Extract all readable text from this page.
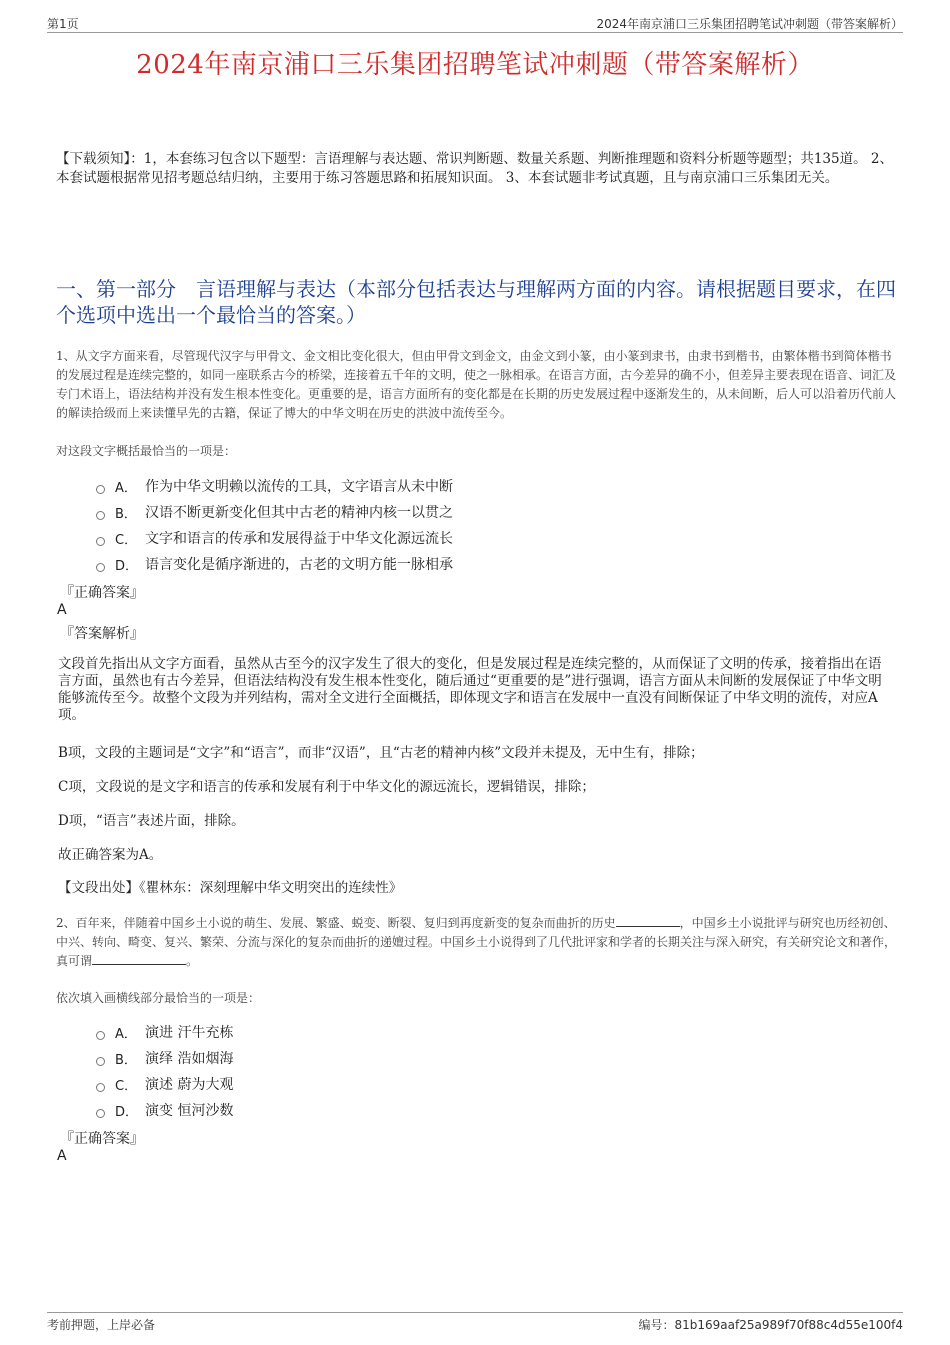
第1页	2024年南京浦口三乐集团招聘笔试冲刺题（带答案解析）
2024年南京浦口三乐集团招聘笔试冲刺题（带答案解析）
【下载须知】：1，本套练习包含以下题型：言语理解与表达题、常识判断题、数量关系题、判断推理题和资料分析题等题型；共135道。 2、本套试题根据常见招考题总结归纳，主要用于练习答题思路和拓展知识面。 3、本套试题非考试真题，且与南京浦口三乐集团无关。
一、第一部分　言语理解与表达（本部分包括表达与理解两方面的内容。请根据题目要求，在四个选项中选出一个最恰当的答案。）
1、从文字方面来看，尽管现代汉字与甲骨文、金文相比变化很大，但由甲骨文到金文，由金文到小篆，由小篆到隶书，由隶书到楷书，由繁体楷书到简体楷书的发展过程是连续完整的，如同一座联系古今的桥梁，连接着五千年的文明，使之一脉相承。在语言方面，古今差异的确不小，但差异主要表现在语音、词汇及专门术语上，语法结构并没有发生根本性变化。更重要的是，语言方面所有的变化都是在长期的历史发展过程中逐渐发生的，从未间断，后人可以沿着历代前人的解读拾级而上来读懂早先的古籍，保证了博大的中华文明在历史的洪波中流传至今。
对这段文字概括最恰当的一项是：
A． 作为中华文明赖以流传的工具，文字语言从未中断
B． 汉语不断更新变化但其中古老的精神内核一以贯之
C． 文字和语言的传承和发展得益于中华文化源远流长
D． 语言变化是循序渐进的，古老的文明方能一脉相承
『正确答案』
A
『答案解析』
文段首先指出从文字方面看，虽然从古至今的汉字发生了很大的变化，但是发展过程是连续完整的，从而保证了文明的传承，接着指出在语言方面，虽然也有古今差异，但语法结构没有发生根本性变化，随后通过“更重要的是”进行强调，语言方面从未间断的发展保证了中华文明能够流传至今。故整个文段为并列结构，需对全文进行全面概括，即体现文字和语言在发展中一直没有间断保证了中华文明的流传，对应A项。
B项，文段的主题词是“文字”和“语言”，而非“汉语”，且“古老的精神内核”文段并未提及，无中生有，排除；
C项，文段说的是文字和语言的传承和发展有利于中华文化的源远流长，逻辑错误，排除；
D项，“语言”表述片面，排除。
故正确答案为A。
【文段出处】《瞿林东：深刻理解中华文明突出的连续性》
2、百年来，伴随着中国乡土小说的萌生、发展、繁盛、蜕变、断裂、复归到再度新变的复杂而曲折的历史	，中国乡土小说批评与研究也历经初创、中兴、转向、畸变、复兴、繁荣、分流与深化的复杂而曲折的递嬗过程。中国乡土小说得到了几代批评家和学者的长期关注与深入研究，有关研究论文和著作，真可谓	。
依次填入画横线部分最恰当的一项是：
A． 演进 汗牛充栋
B． 演绎 浩如烟海
C． 演述 蔚为大观
D． 演变 恒河沙数
『正确答案』
A
考前押题，上岸必备	编号：81b169aaf25a989f70f88c4d55e100f4
